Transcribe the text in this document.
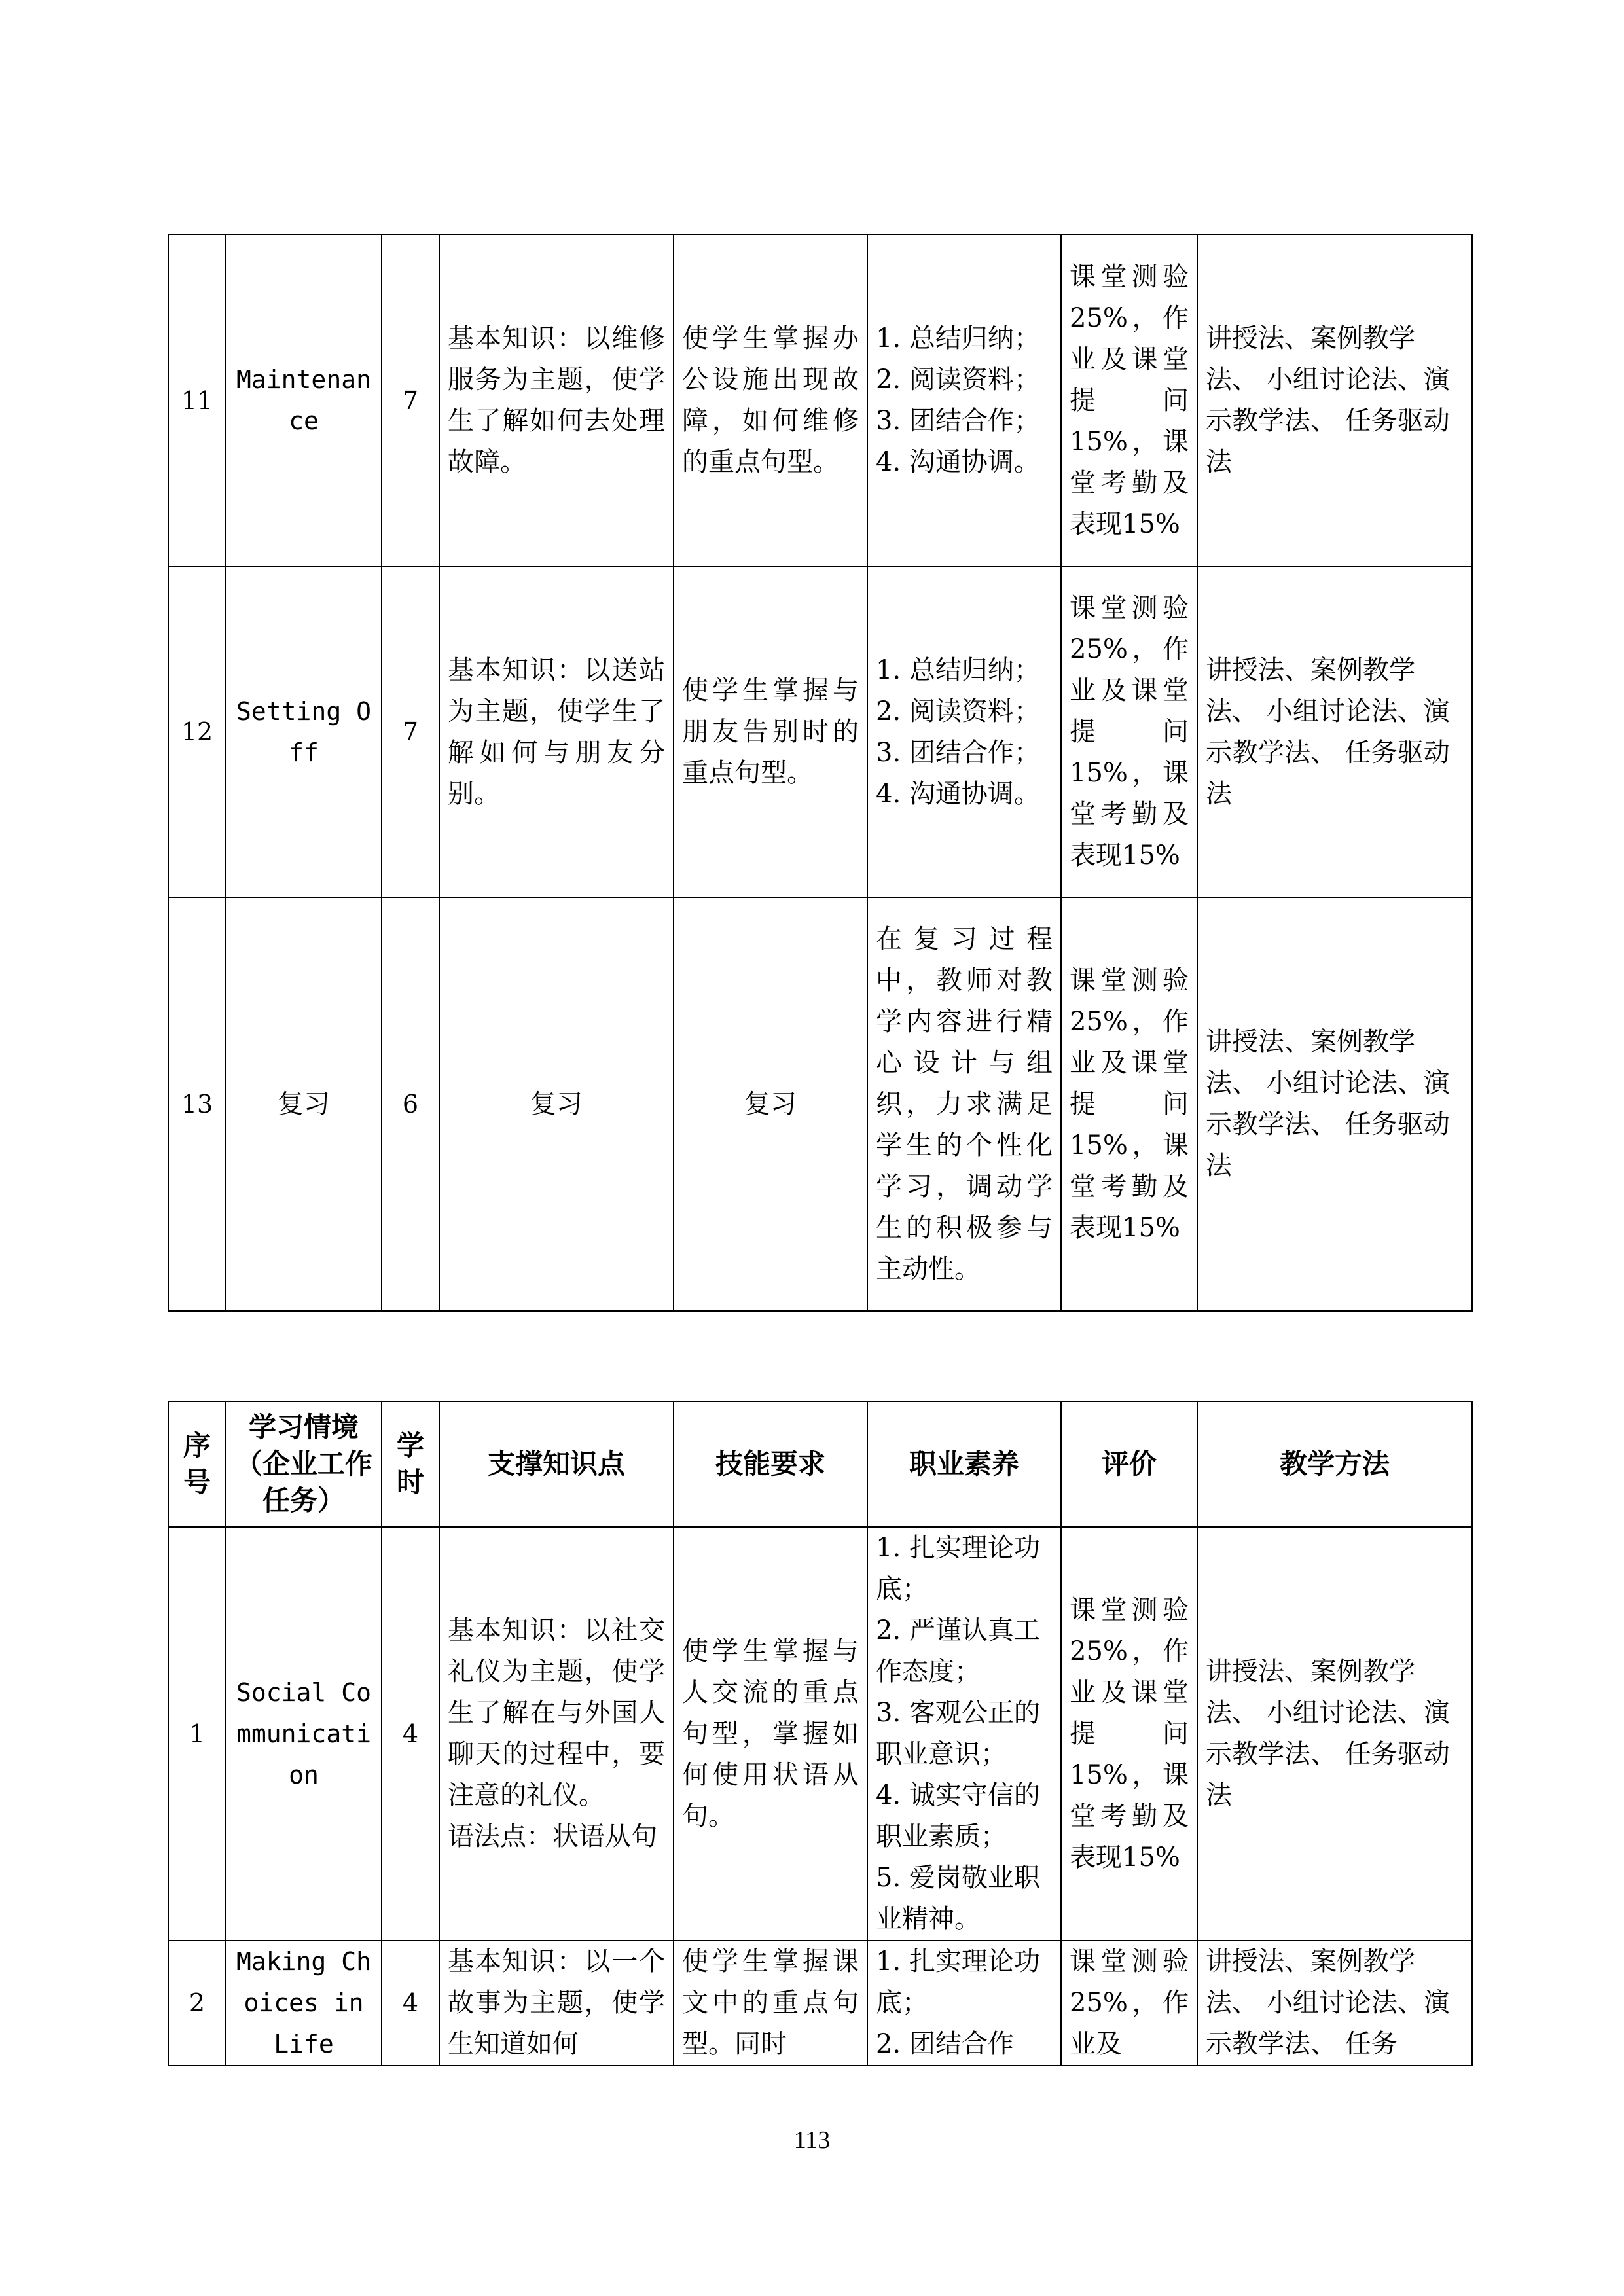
11	Maintenance	7	基本知识：以维修服务为主题，使学生了解如何去处理故障。	使学生掌握办公设施出现故障，如何维修的重点句型。	1. 总结归纳；
2. 阅读资料；
3. 团结合作；
4. 沟通协调。	课堂测验25%，作业及课堂提问15%，课堂考勤及表现15%	讲授法、案例教学法、 小组讨论法、演示教学法、 任务驱动法
12	Setting Off	7	基本知识：以送站为主题，使学生了解如何与朋友分别。	使学生掌握与朋友告别时的重点句型。	1. 总结归纳；
2. 阅读资料；
3. 团结合作；
4. 沟通协调。	课堂测验25%，作业及课堂提问15%，课堂考勤及表现15%	讲授法、案例教学法、 小组讨论法、演示教学法、 任务驱动法
13	复习	6	复习	复习	在复习过程中，教师对教学内容进行精心设计与组织，力求满足学生的个性化学习，调动学生的积极参与主动性。	课堂测验25%，作业及课堂提问15%，课堂考勤及表现15%	讲授法、案例教学法、 小组讨论法、演示教学法、 任务驱动法
序号	学习情境（企业工作任务）	学时	支撑知识点	技能要求	职业素养	评价	教学方法
1	Social Communication	4	基本知识：以社交礼仪为主题，使学生了解在与外国人聊天的过程中，要注意的礼仪。
语法点：状语从句	使学生掌握与人交流的重点句型，掌握如何使用状语从句。	1. 扎实理论功底；
2. 严谨认真工作态度；
3. 客观公正的职业意识；
4. 诚实守信的职业素质；
5. 爱岗敬业职业精神。	课堂测验25%，作业及课堂提问15%，课堂考勤及表现15%	讲授法、案例教学法、 小组讨论法、演示教学法、 任务驱动法
2	Making Choices in Life	4	基本知识：以一个故事为主题，使学生知道如何	使学生掌握课文中的重点句型。同时	1. 扎实理论功底；
2. 团结合作	课堂测验25%，作业及	讲授法、案例教学法、 小组讨论法、演示教学法、 任务
113
